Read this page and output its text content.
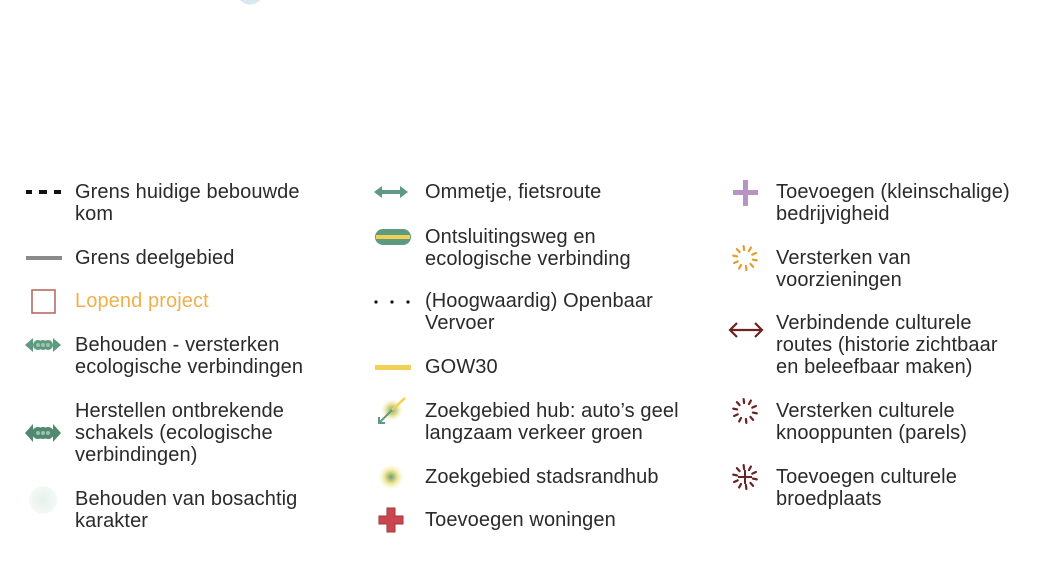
Grens huidige bebouwde
kom
Grens deelgebied
Lopend project
Behouden - versterken
ecologische verbindingen
Herstellen ontbrekende
schakels (ecologische
verbindingen)
Behouden van bosachtig
karakter
Ommetje, fietsroute
Ontsluitingsweg en
ecologische verbinding
(Hoogwaardig) Openbaar
Vervoer
GOW30
Zoekgebied hub: auto’s geel
langzaam verkeer groen
Zoekgebied stadsrandhub
Toevoegen woningen
Toevoegen (kleinschalige)
bedrijvigheid
Versterken van
voorzieningen
Verbindende culturele
routes (historie zichtbaar
en beleefbaar maken)
Versterken culturele
knooppunten (parels)
Toevoegen culturele
broedplaats
